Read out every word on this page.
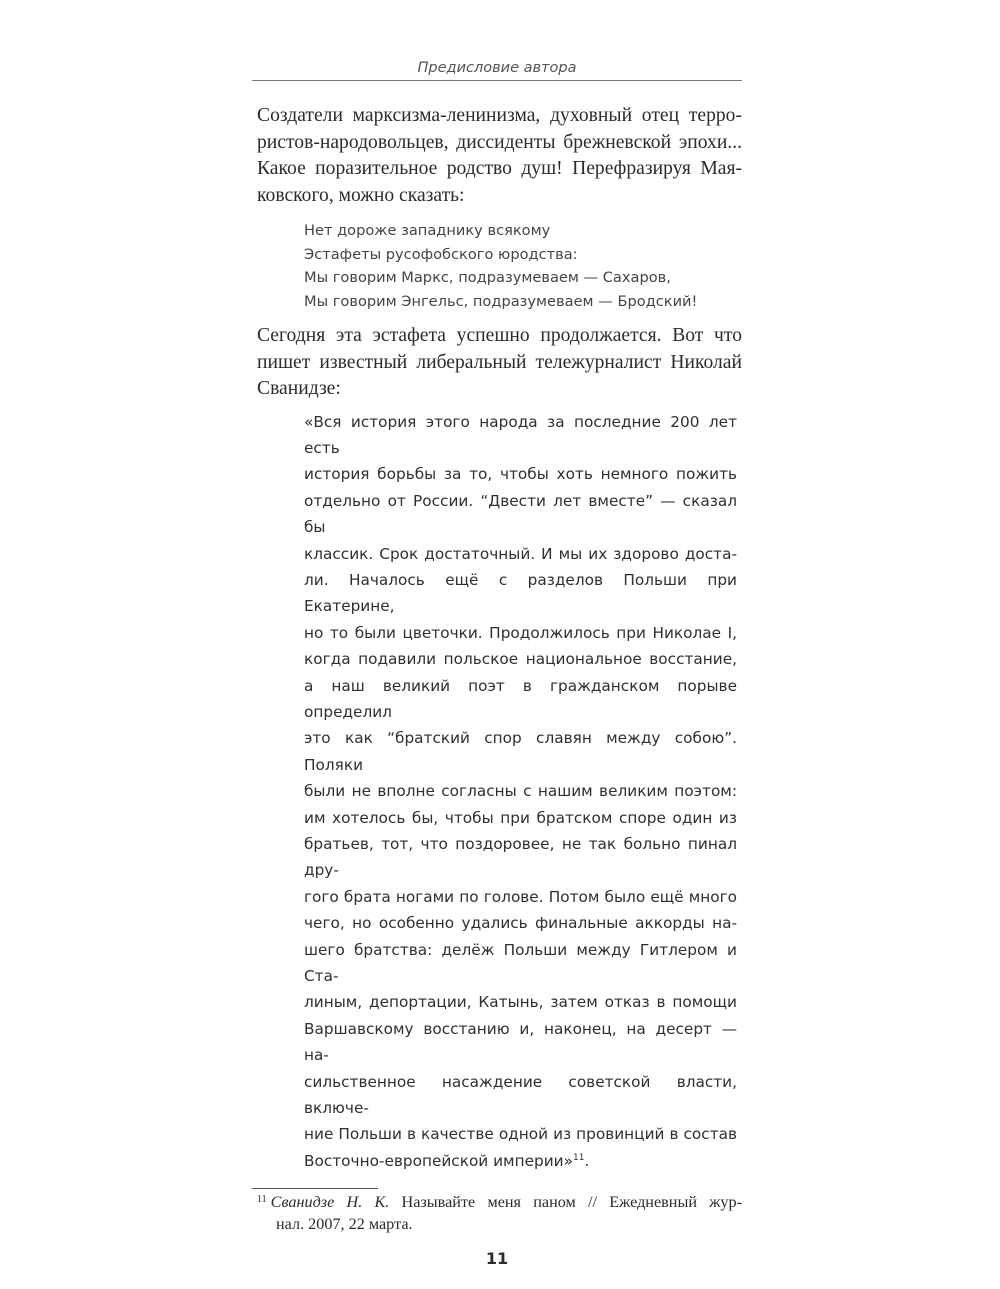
Предисловие автора
Создатели марксизма-ленинизма, духовный отец терро-
ристов-народовольцев, диссиденты брежневской эпохи...
Какое поразительное родство душ! Перефразируя Мая-
ковского, можно сказать:
Нет дороже западнику всякому
Эстафеты русофобского юродства:
Мы говорим Маркс, подразумеваем — Сахаров,
Мы говорим Энгельс, подразумеваем — Бродский!
Сегодня эта эстафета успешно продолжается. Вот что
пишет известный либеральный тележурналист Николай
Сванидзе:
«Вся история этого народа за последние 200 лет есть
история борьбы за то, чтобы хоть немного пожить
отдельно от России. “Двести лет вместе” — сказал бы
классик. Срок достаточный. И мы их здорово доста-
ли. Началось ещё с разделов Польши при Екатерине,
но то были цветочки. Продолжилось при Николае I,
когда подавили польское национальное восстание,
а наш великий поэт в гражданском порыве определил
это как “братский спор славян между собою”. Поляки
были не вполне согласны с нашим великим поэтом:
им хотелось бы, чтобы при братском споре один из
братьев, тот, что поздоровее, не так больно пинал дру-
гого брата ногами по голове. Потом было ещё много
чего, но особенно удались финальные аккорды на-
шего братства: делёж Польши между Гитлером и Ста-
линым, депортации, Катынь, затем отказ в помощи
Варшавскому восстанию и, наконец, на десерт — на-
сильственное насаждение советской власти, включе-
ние Польши в качестве одной из провинций в состав
Восточно-европейской империи»$^{11}$.
$^{11}$ Сванидзе Н. К. Называйте меня паном // Ежедневный жур-
нал. 2007, 22 марта.
11
